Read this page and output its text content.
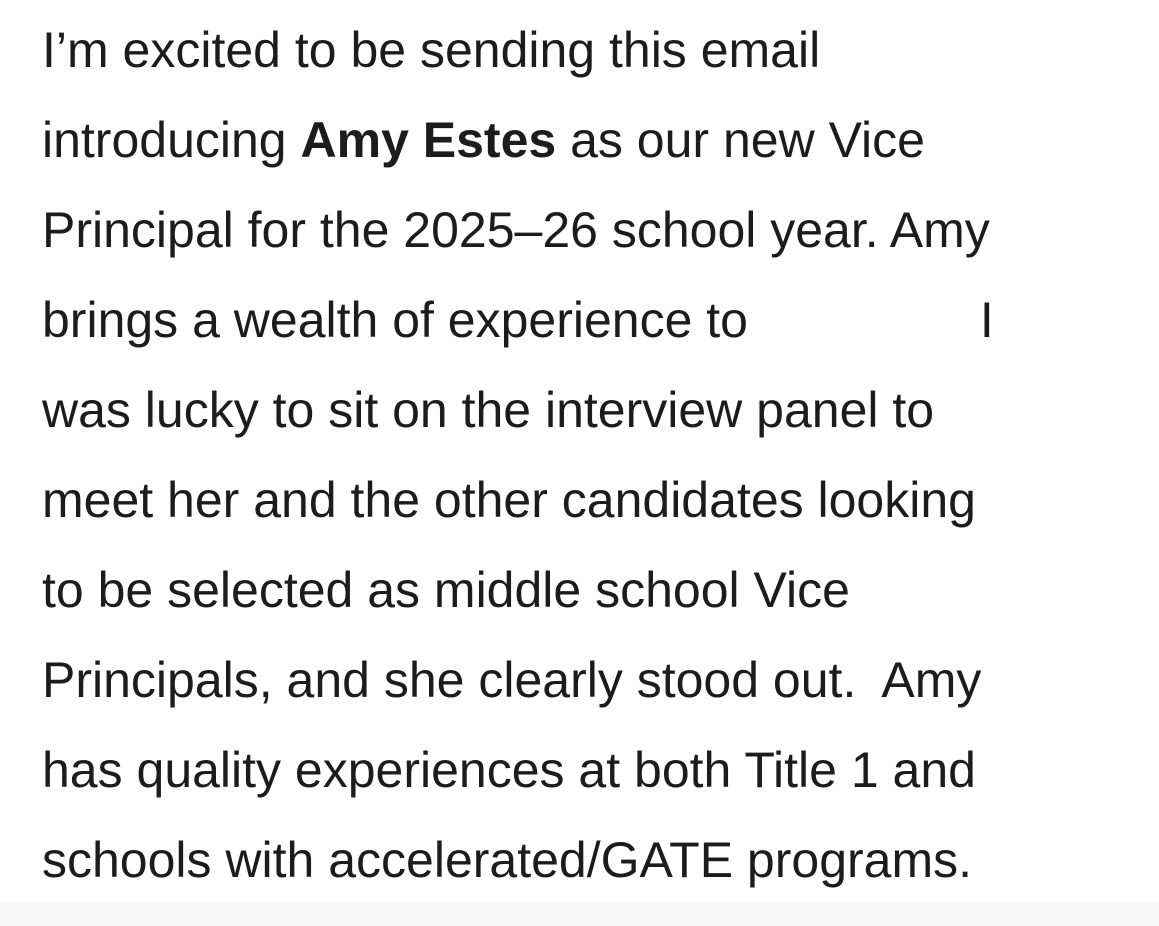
I’m excited to be sending this email
introducing Amy Estes as our new Vice
Principal for the 2025–26 school year. Amy
brings a wealth of experience to	I
was lucky to sit on the interview panel to
meet her and the other candidates looking
to be selected as middle school Vice
Principals, and she clearly stood out.  Amy
has quality experiences at both Title 1 and
schools with accelerated/GATE programs.
